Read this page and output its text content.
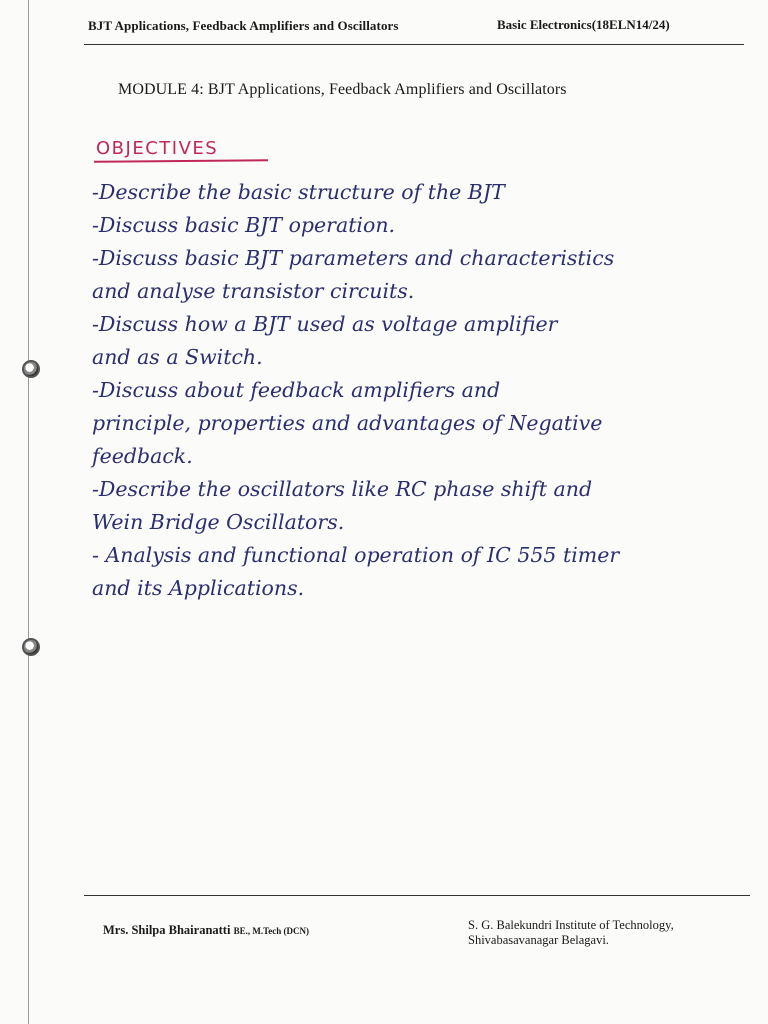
BJT Applications, Feedback Amplifiers and Oscillators	Basic Electronics(18ELN14/24)
MODULE 4: BJT Applications, Feedback Amplifiers and Oscillators
OBJECTIVES
-Describe the basic structure of the BJT
-Discuss basic BJT operation.
-Discuss basic BJT parameters and characteristics
and analyse transistor circuits.
-Discuss how a BJT used as voltage amplifier
and as a Switch.
-Discuss about feedback amplifiers and
principle, properties and advantages of Negative
feedback.
-Describe the oscillators like RC phase shift and
Wein Bridge Oscillators.
- Analysis and functional operation of IC 555 timer
and its Applications.
Mrs. Shilpa Bhairanatti BE., M.Tech (DCN)	S. G. Balekundri Institute of Technology,
Shivabasavanagar Belagavi.
